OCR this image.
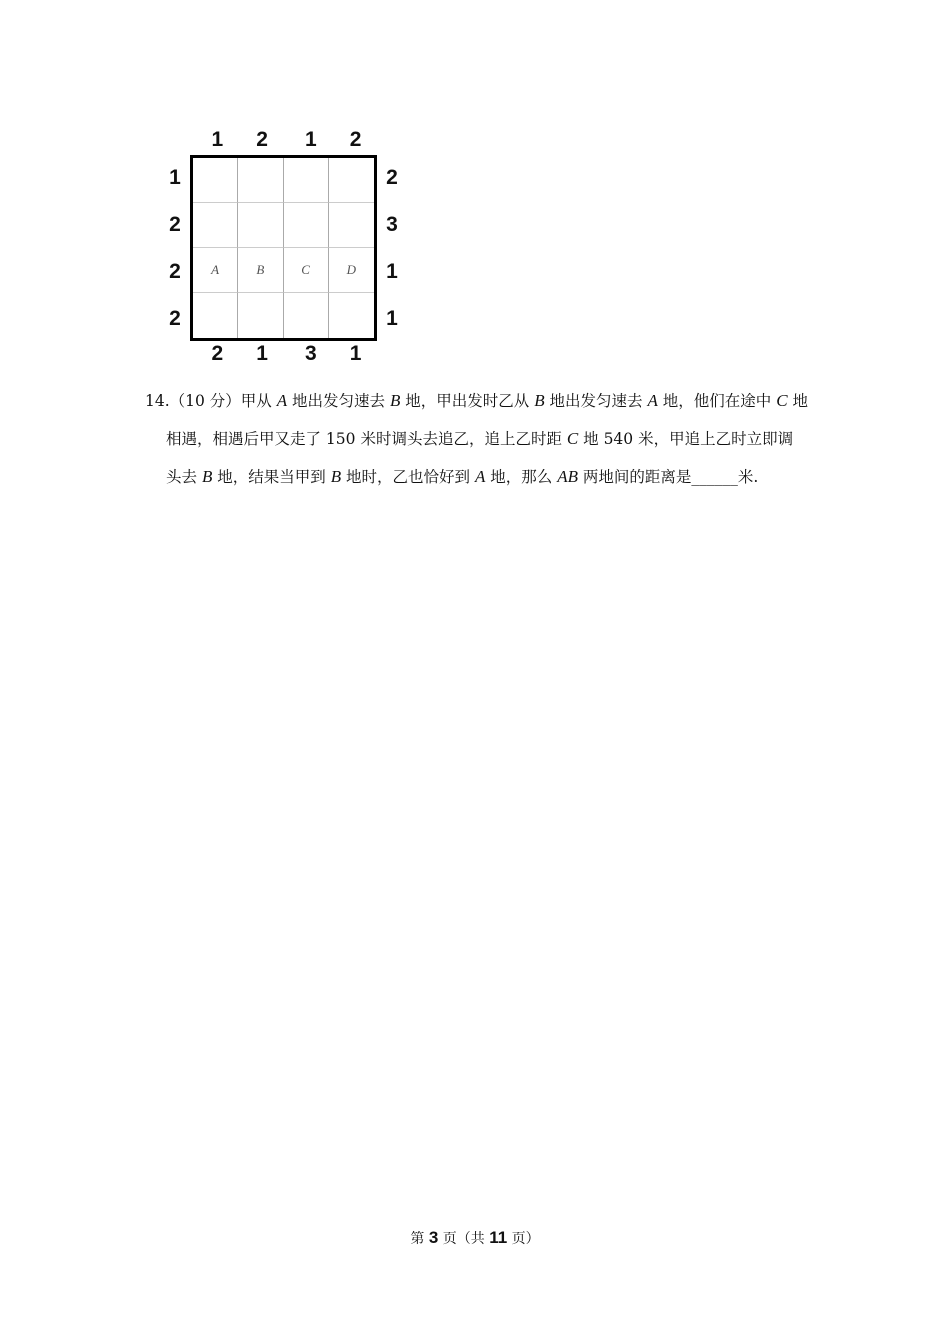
A	B	C	D
1
2
1	2
2
1
2	3
1
3
2	1
2
1
2	1
14.（10 分）甲从 A 地出发匀速去 B 地，甲出发时乙从 B 地出发匀速去 A 地，他们在途中 C 地
相遇，相遇后甲又走了 150 米时调头去追乙，追上乙时距 C 地 540 米，甲追上乙时立即调
头去 B 地，结果当甲到 B 地时，乙也恰好到 A 地，那么 AB 两地间的距离是______米.
第 3 页（共 11 页）
